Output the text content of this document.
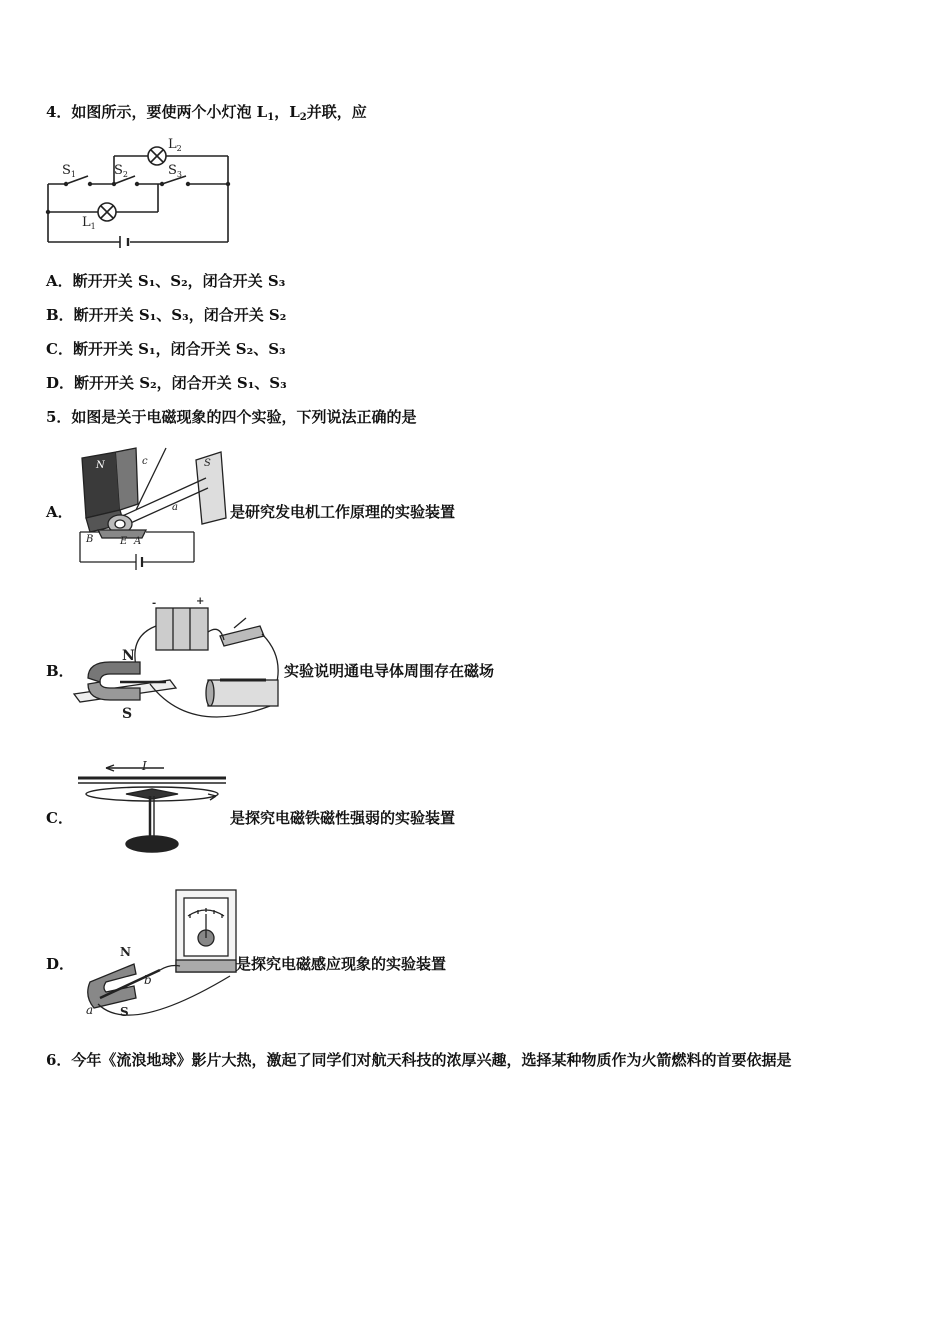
4．如图所示，要使两个小灯泡 $L_1$，$L_2$并联，应
$S_1$	$S_2$	$S_3$
$L_2$
$L_1$
A．断开开关 S₁、S₂，闭合开关 S₃
B．断开开关 S₁、S₃，闭合开关 S₂
C．断开开关 S₁，闭合开关 S₂、S₃
D．断开开关 S₂，闭合开关 S₁、S₃
5．如图是关于电磁现象的四个实验，下列说法正确的是
A．
B	E A
a
c	S
N
是研究发电机工作原理的实验装置
B．
N
S
+
-
实验说明通电导体周围存在磁场
C．
I
是探究电磁铁磁性强弱的实验装置
D．
N
S
a
b
是探究电磁感应现象的实验装置
6．今年《流浪地球》影片大热，激起了同学们对航天科技的浓厚兴趣，选择某种物质作为火箭燃料的首要依据是
